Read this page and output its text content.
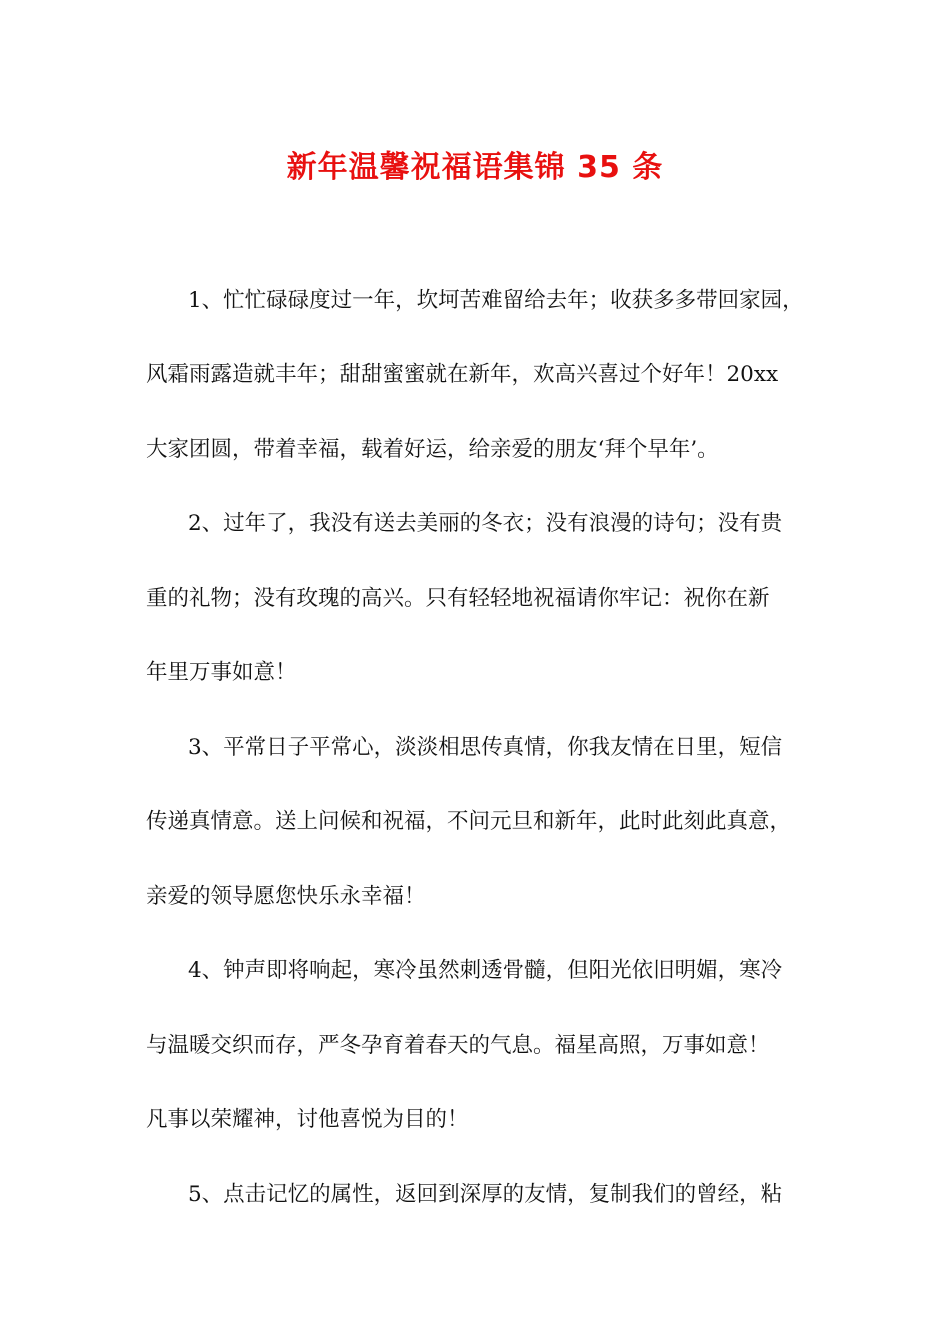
新年温馨祝福语集锦 35 条
1、忙忙碌碌度过一年，坎坷苦难留给去年；收获多多带回家园，
风霜雨露造就丰年；甜甜蜜蜜就在新年，欢高兴喜过个好年！20xx
大家团圆，带着幸福，载着好运，给亲爱的朋友‘拜个早年’。
2、过年了，我没有送去美丽的冬衣；没有浪漫的诗句；没有贵
重的礼物；没有玫瑰的高兴。只有轻轻地祝福请你牢记：祝你在新
年里万事如意！
3、平常日子平常心，淡淡相思传真情，你我友情在日里，短信
传递真情意。送上问候和祝福，不问元旦和新年，此时此刻此真意，
亲爱的领导愿您快乐永幸福！
4、钟声即将响起，寒冷虽然刺透骨髓，但阳光依旧明媚，寒冷
与温暖交织而存，严冬孕育着春天的气息。福星高照，万事如意！
凡事以荣耀神，讨他喜悦为目的！
5、点击记忆的属性，返回到深厚的友情，复制我们的曾经，粘
